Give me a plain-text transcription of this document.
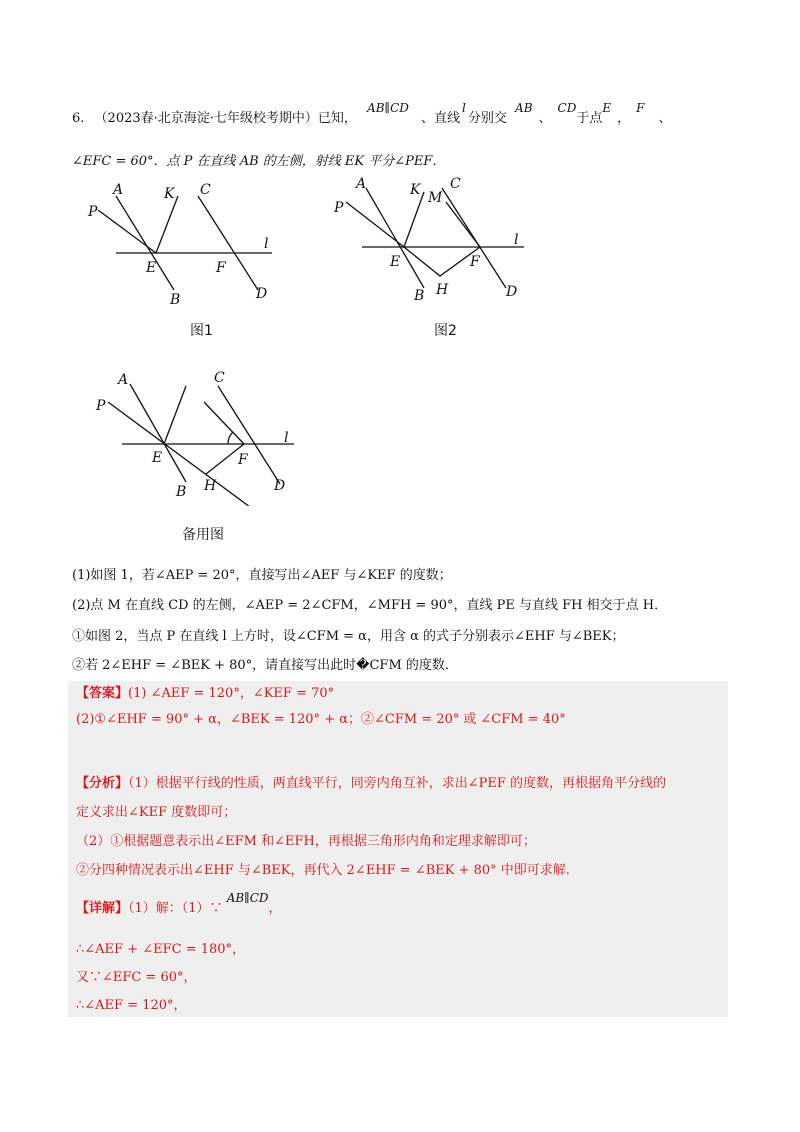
6. （2023春·北京海淀·七年级校考期中）已知， AB∥CD 、直线l分别交 AB、CD于点E，F、
∠EFC = 60°．点 P 在直线 AB 的左侧，射线 EK 平分∠PEF．
A
P
K C
E	F
l
B	D
图1
A
P
K M
C
E	F
l
B H	D
图2
A
P
C
E	F
l
B H	D
备用图
(1)如图 1，若∠AEP = 20°，直接写出∠AEF 与∠KEF 的度数；
(2)点 M 在直线 CD 的左侧，∠AEP = 2∠CFM，∠MFH = 90°，直线 PE 与直线 FH 相交于点 H．
①如图 2，当点 P 在直线 l 上方时，设∠CFM = α，用含 α 的式子分别表示∠EHF 与∠BEK；
②若 2∠EHF = ∠BEK + 80°，请直接写出此时�CFM 的度数．
【答案】(1) ∠AEF = 120°，∠KEF = 70°
(2)①∠EHF = 90° + α，∠BEK = 120° + α；②∠CFM = 20° 或 ∠CFM = 40°
【分析】（1）根据平行线的性质，两直线平行，同旁内角互补，求出∠PEF 的度数，再根据角平分线的
定义求出∠KEF 度数即可；
（2）①根据题意表示出∠EFM 和∠EFH，再根据三角形内角和定理求解即可；
②分四种情况表示出∠EHF 与∠BEK，再代入 2∠EHF = ∠BEK + 80° 中即可求解.
【详解】（1）解：（1）∵ AB∥CD，
∴∠AEF + ∠EFC = 180°，
又∵∠EFC = 60°，
∴∠AEF = 120°，
